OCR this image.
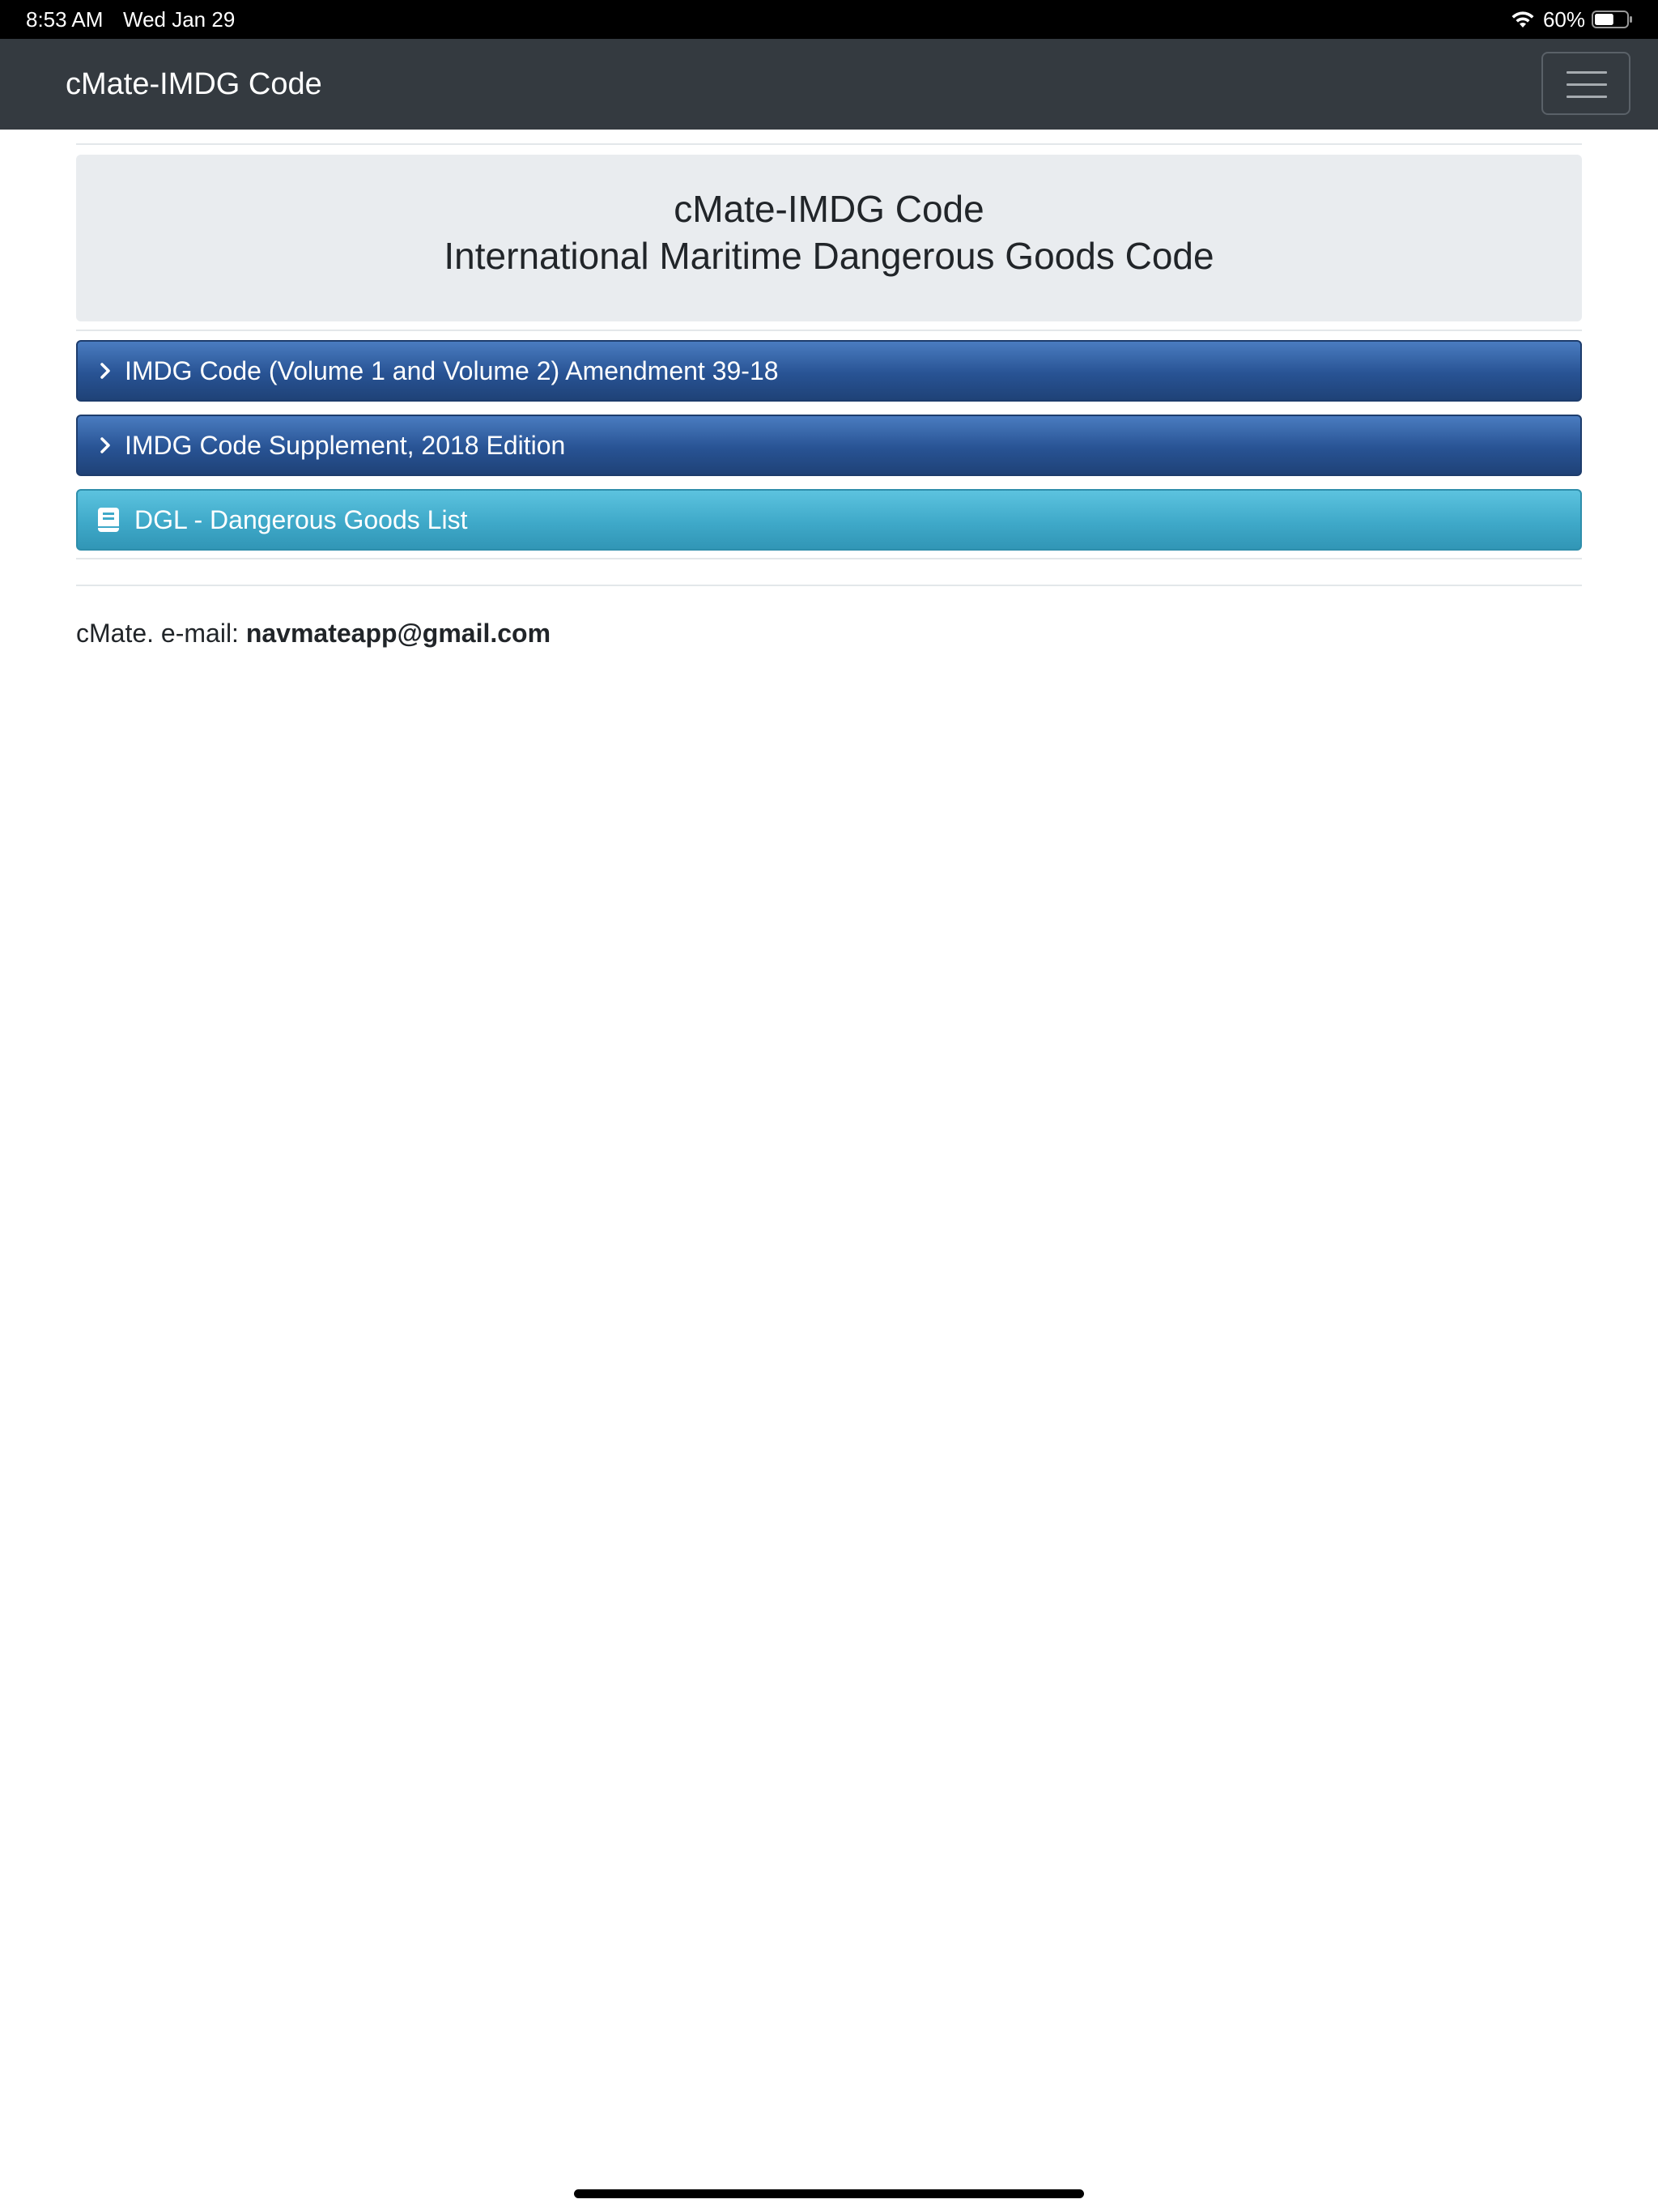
8:53 AM Wed Jan 29	60%
cMate-IMDG Code
cMate-IMDG Code
International Maritime Dangerous Goods Code
IMDG Code (Volume 1 and Volume 2) Amendment 39-18
IMDG Code Supplement, 2018 Edition
DGL - Dangerous Goods List
cMate. e-mail: navmateapp@gmail.com
